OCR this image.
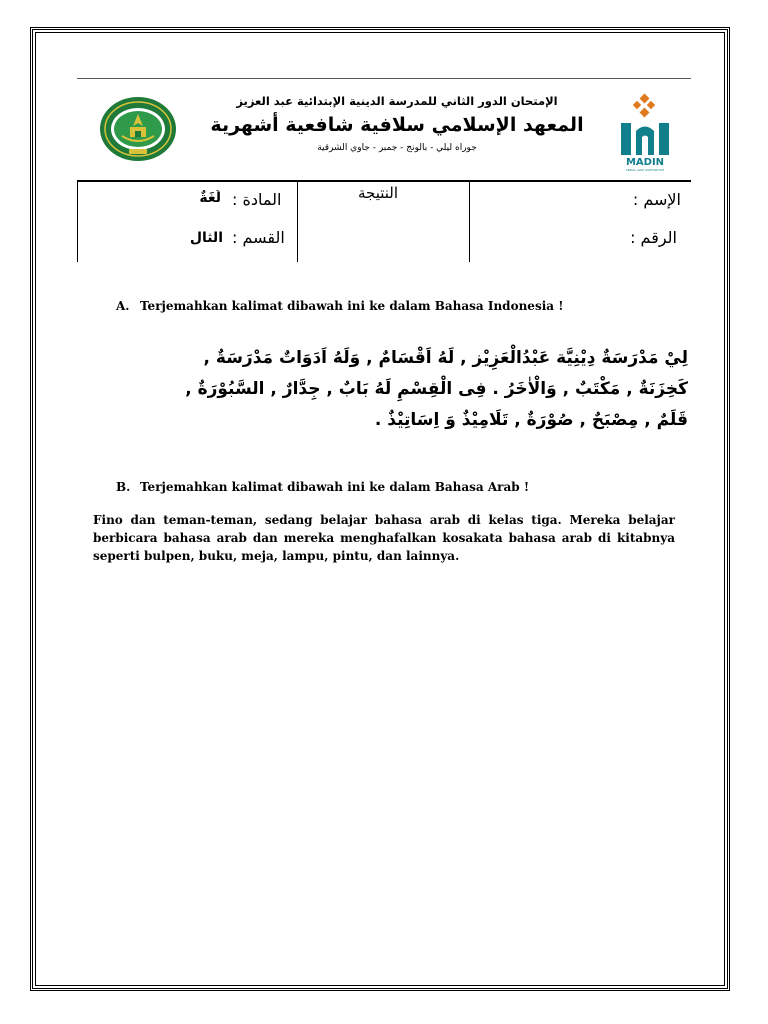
الإمتحان الدور الثاني للمدرسة الدينية الإبتدائية عبد العزيز
المعهد الإسلامي سلافية شافعية أشهرية
جوراه ليلي - بالونج - جمبر - جاوي الشرقية
MADIN
ABDUL AZIZ ASHHARIYAH
الإسم :
الرقم :
النتيجة
المادة :
لُغَةٌ
القسم :
الثال
A. Terjemahkan kalimat dibawah ini ke dalam Bahasa Indonesia !
لِيْ مَدْرَسَةٌ دِيْنِيَّة عَبْدُالْعَزِيْز , لَهُ اَقْسَامٌ , وَلَهُ اَدَوَاتٌ مَدْرَسَةٌ ,
كَخِزَنَةٌ , مَكْتَبٌ , وَالْاٰخَرُ . فِى الْقِسْمِ لَهُ بَابٌ , جِدَّارٌ , السَّبُوْرَةٌ ,
قَلَمٌ , مِصْبَحٌ , صُوْرَةٌ , تَلَامِيْذٌ وَ اِسَاتِيْذٌ .
B. Terjemahkan kalimat dibawah ini ke dalam Bahasa Arab !
Fino dan teman-teman, sedang belajar bahasa arab di kelas tiga. Mereka belajar berbicara bahasa arab dan mereka menghafalkan kosakata bahasa arab di kitabnya seperti bulpen, buku, meja, lampu, pintu, dan lainnya.
